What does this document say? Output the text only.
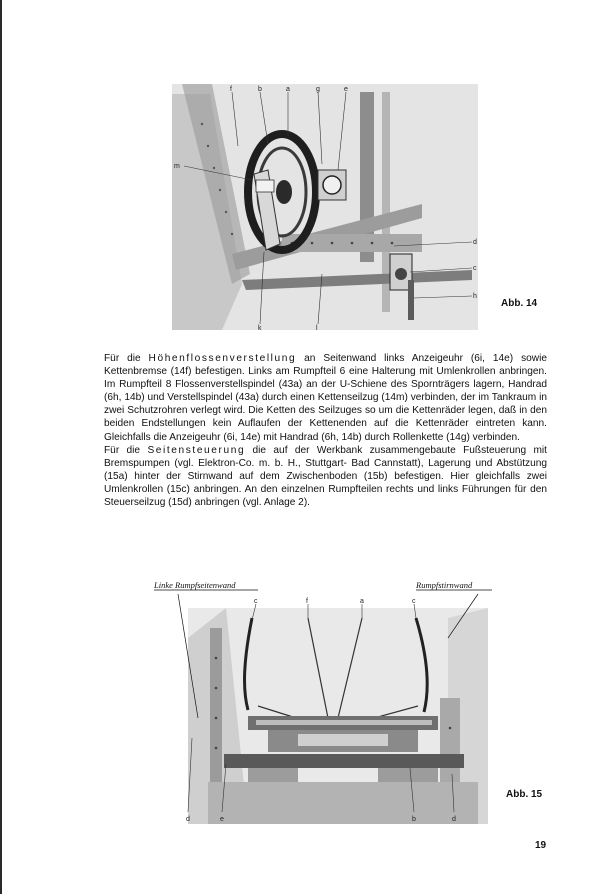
f	b	a	g	e
m
d
c
h
k	l
Abb. 14

Für die Höhenflossenverstellung an Seitenwand links Anzeigeuhr (6i, 14e) sowie Kettenbremse (14f) befestigen. Links am Rumpfteil 6 eine Halterung mit Umlenkrollen anbringen. Im Rumpfteil 8 Flossenverstellspindel (43a) an der U-Schiene des Spornträgers lagern, Handrad (6h, 14b) und Verstellspindel (43a) durch einen Kettenseilzug (14m) verbinden, der im Tankraum in zwei Schutzrohren verlegt wird. Die Ketten des Seilzuges so um die Kettenräder legen, daß in den beiden Endstellungen kein Auflaufen der Kettenenden auf die Kettenräder eintreten kann. Gleichfalls die Anzeigeuhr (6i, 14e) mit Handrad (6h, 14b) durch Rollenkette (14g) verbinden.

Für die Seitensteuerung die auf der Werkbank zusammengebaute Fußsteuerung mit Bremspumpen (vgl. Elektron-Co. m. b. H., Stuttgart- Bad Cannstatt), Lagerung und Abstützung (15a) hinter der Stirnwand auf dem Zwischenboden (15b) befestigen. Hier gleichfalls zwei Umlenkrollen (15c) anbringen. An den einzelnen Rumpfteilen rechts und links Führungen für den Steuerseilzug (15d) anbringen (vgl. Anlage 2).

Linke Rumpfseitenwand	Rumpfstirnwand
c	f	a	c
d	e	b	d
Abb. 15
19
